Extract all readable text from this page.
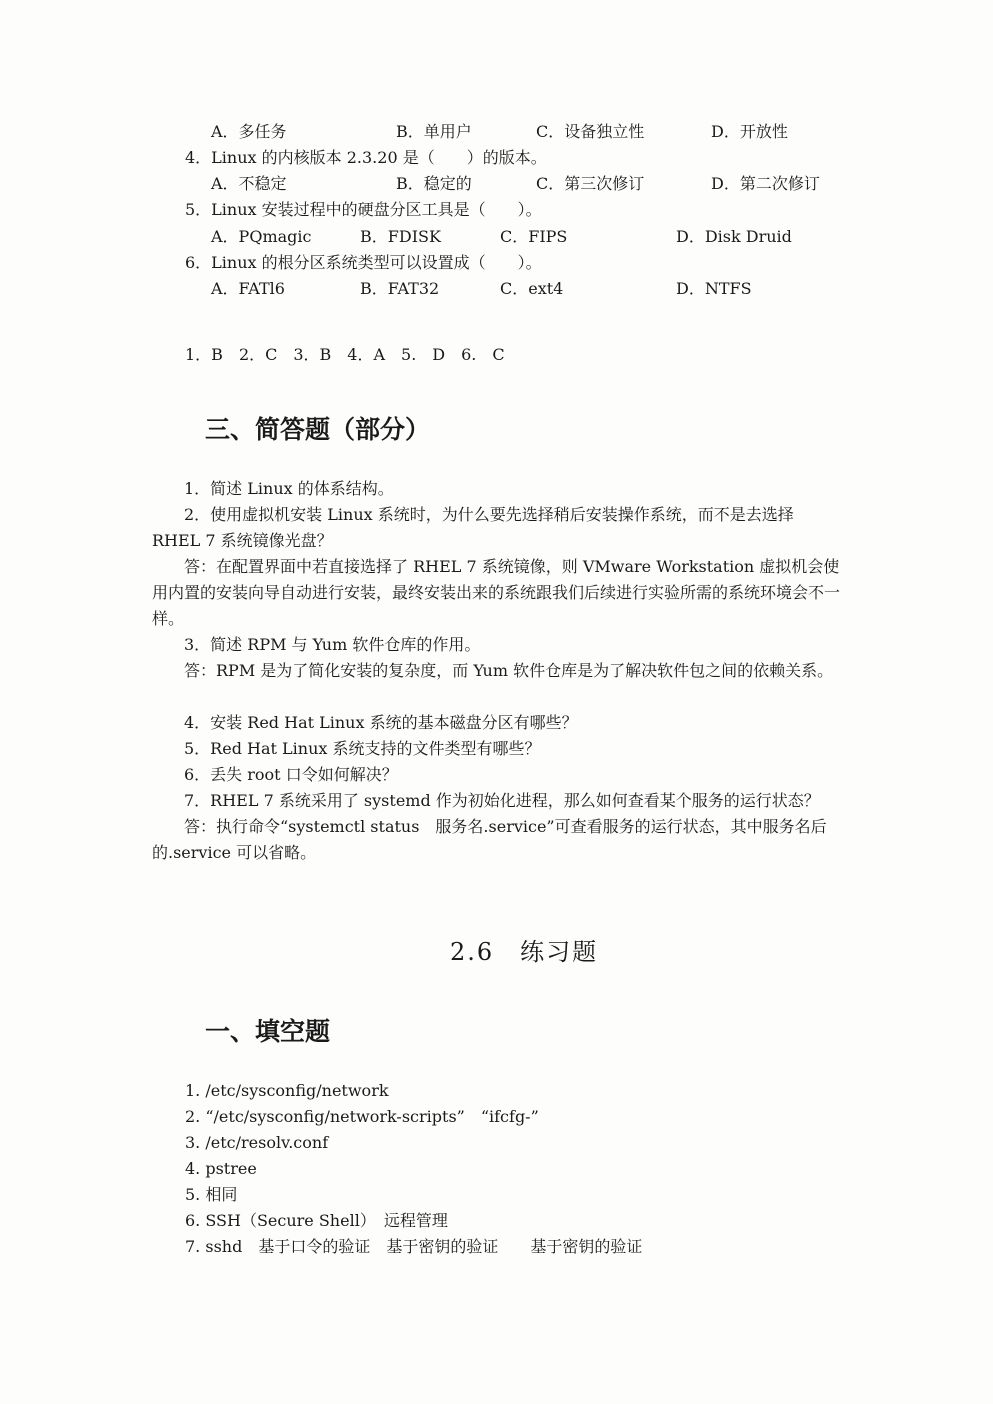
A．多任务	B．单用户	C．设备独立性	D．开放性
4．Linux 的内核版本 2.3.20 是（　　）的版本。
A．不稳定	B．稳定的	C．第三次修订	D．第二次修订
5．Linux 安装过程中的硬盘分区工具是（　　）。
A．PQmagic	B．FDISK	C．FIPS	D．Disk Druid
6．Linux 的根分区系统类型可以设置成（　　）。
A．FATl6	B．FAT32	C．ext4	D．NTFS
1．B　2．C　3．B　4．A　5.　D　6.　C
三、简答题（部分）
1．简述 Linux 的体系结构。
2．使用虚拟机安装 Linux 系统时，为什么要先选择稍后安装操作系统，而不是去选择 RHEL 7 系统镜像光盘？
答：在配置界面中若直接选择了 RHEL 7 系统镜像，则 VMware Workstation 虚拟机会使用内置的安装向导自动进行安装，最终安装出来的系统跟我们后续进行实验所需的系统环境会不一样。
3．简述 RPM 与 Yum 软件仓库的作用。
答：RPM 是为了简化安装的复杂度，而 Yum 软件仓库是为了解决软件包之间的依赖关系。
4．安装 Red Hat Linux 系统的基本磁盘分区有哪些？
5．Red Hat Linux 系统支持的文件类型有哪些？
6．丢失 root 口令如何解决？
7．RHEL 7 系统采用了 systemd 作为初始化进程，那么如何查看某个服务的运行状态？
答：执行命令“systemctl status　服务名.service”可查看服务的运行状态，其中服务名后的.service 可以省略。
2.6　练习题
一、填空题
1. /etc/sysconfig/network
2. “/etc/sysconfig/network-scripts”　“ifcfg-”
3. /etc/resolv.conf
4. pstree
5. 相同
6. SSH（Secure Shell）　远程管理
7. sshd　基于口令的验证　基于密钥的验证　　基于密钥的验证
